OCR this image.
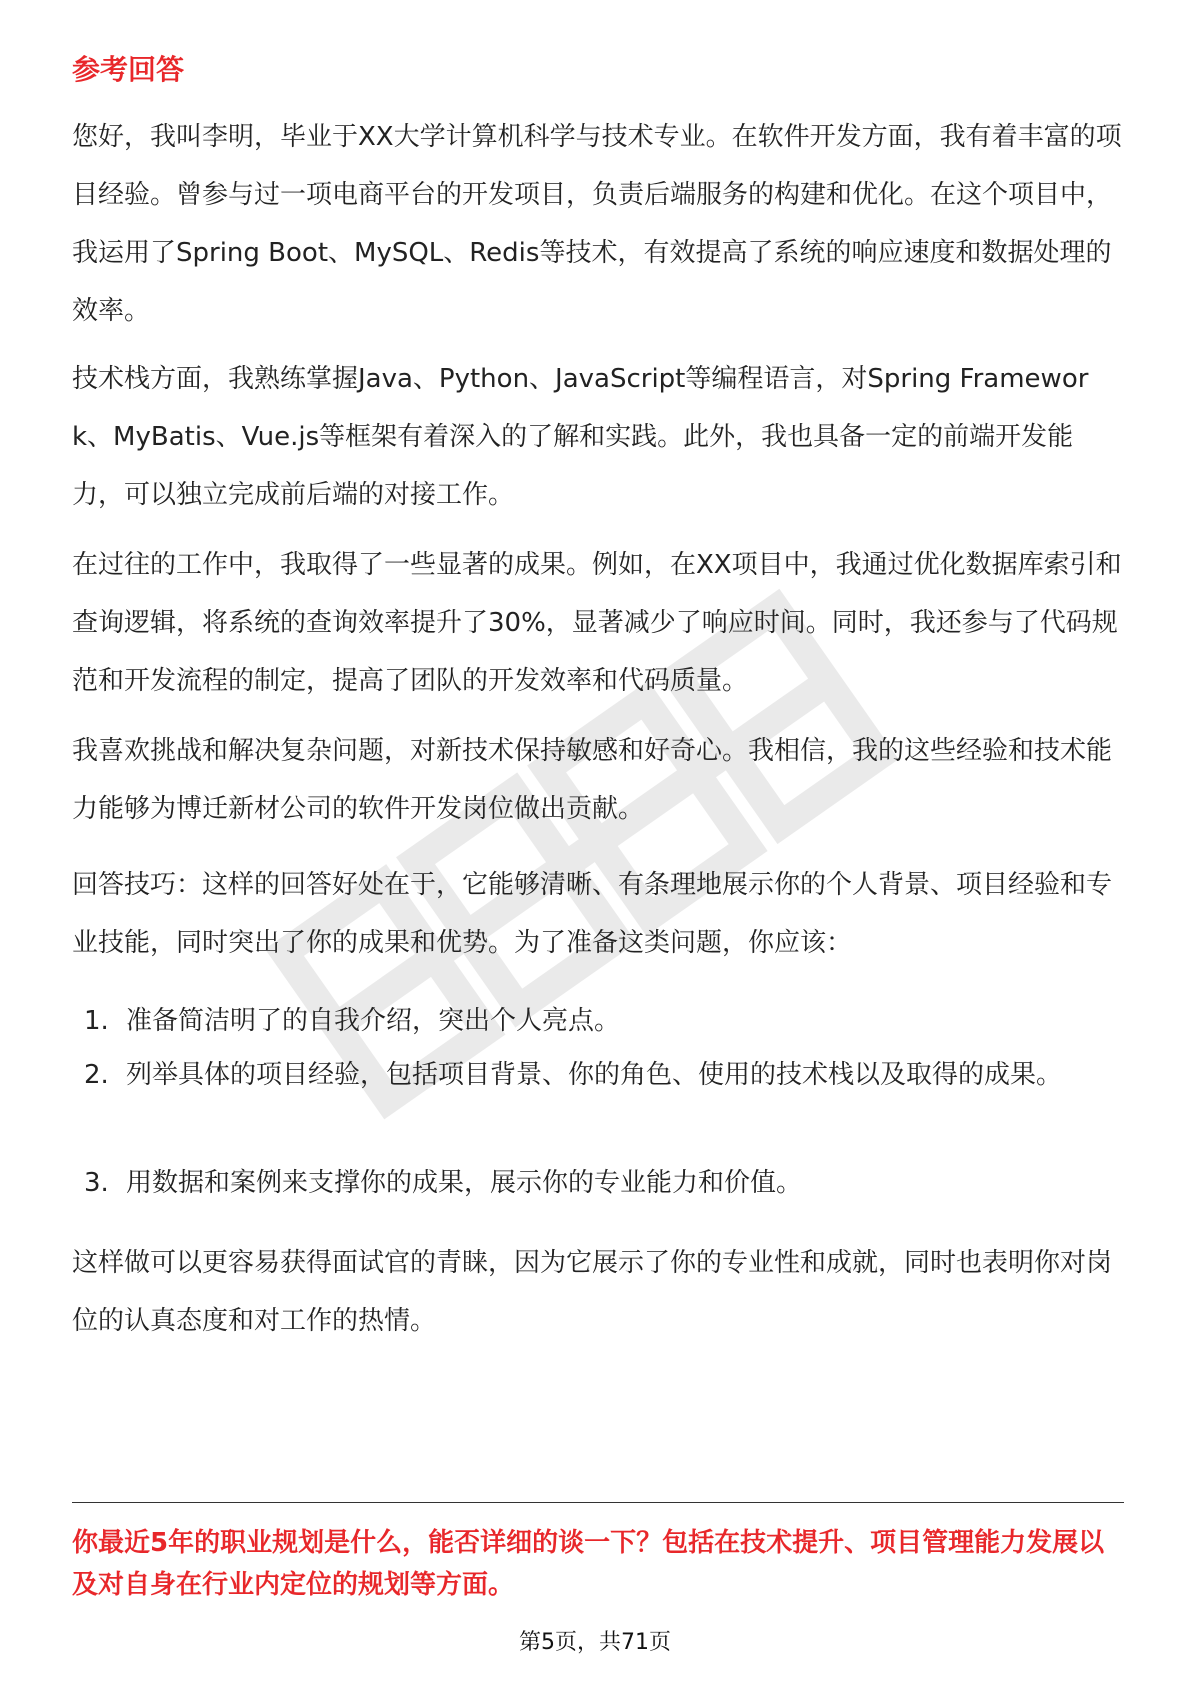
参考回答

您好，我叫李明，毕业于XX大学计算机科学与技术专业。在软件开发方面，我有着丰富的项目经验。曾参与过一项电商平台的开发项目，负责后端服务的构建和优化。在这个项目中，我运用了Spring Boot、MySQL、Redis等技术，有效提高了系统的响应速度和数据处理的效率。

技术栈方面，我熟练掌握Java、Python、JavaScript等编程语言，对Spring Framework、MyBatis、Vue.js等框架有着深入的了解和实践。此外，我也具备一定的前端开发能力，可以独立完成前后端的对接工作。

在过往的工作中，我取得了一些显著的成果。例如，在XX项目中，我通过优化数据库索引和查询逻辑，将系统的查询效率提升了30%，显著减少了响应时间。同时，我还参与了代码规范和开发流程的制定，提高了团队的开发效率和代码质量。

我喜欢挑战和解决复杂问题，对新技术保持敏感和好奇心。我相信，我的这些经验和技术能力能够为博迁新材公司的软件开发岗位做出贡献。

回答技巧：这样的回答好处在于，它能够清晰、有条理地展示你的个人背景、项目经验和专业技能，同时突出了你的成果和优势。为了准备这类问题，你应该：

1. 准备简洁明了的自我介绍，突出个人亮点。
2. 列举具体的项目经验，包括项目背景、你的角色、使用的技术栈以及取得的成果。
3. 用数据和案例来支撑你的成果，展示你的专业能力和价值。

这样做可以更容易获得面试官的青睐，因为它展示了你的专业性和成就，同时也表明你对岗位的认真态度和对工作的热情。

你最近5年的职业规划是什么，能否详细的谈一下？包括在技术提升、项目管理能力发展以及对自身在行业内定位的规划等方面。
第5页，共71页
